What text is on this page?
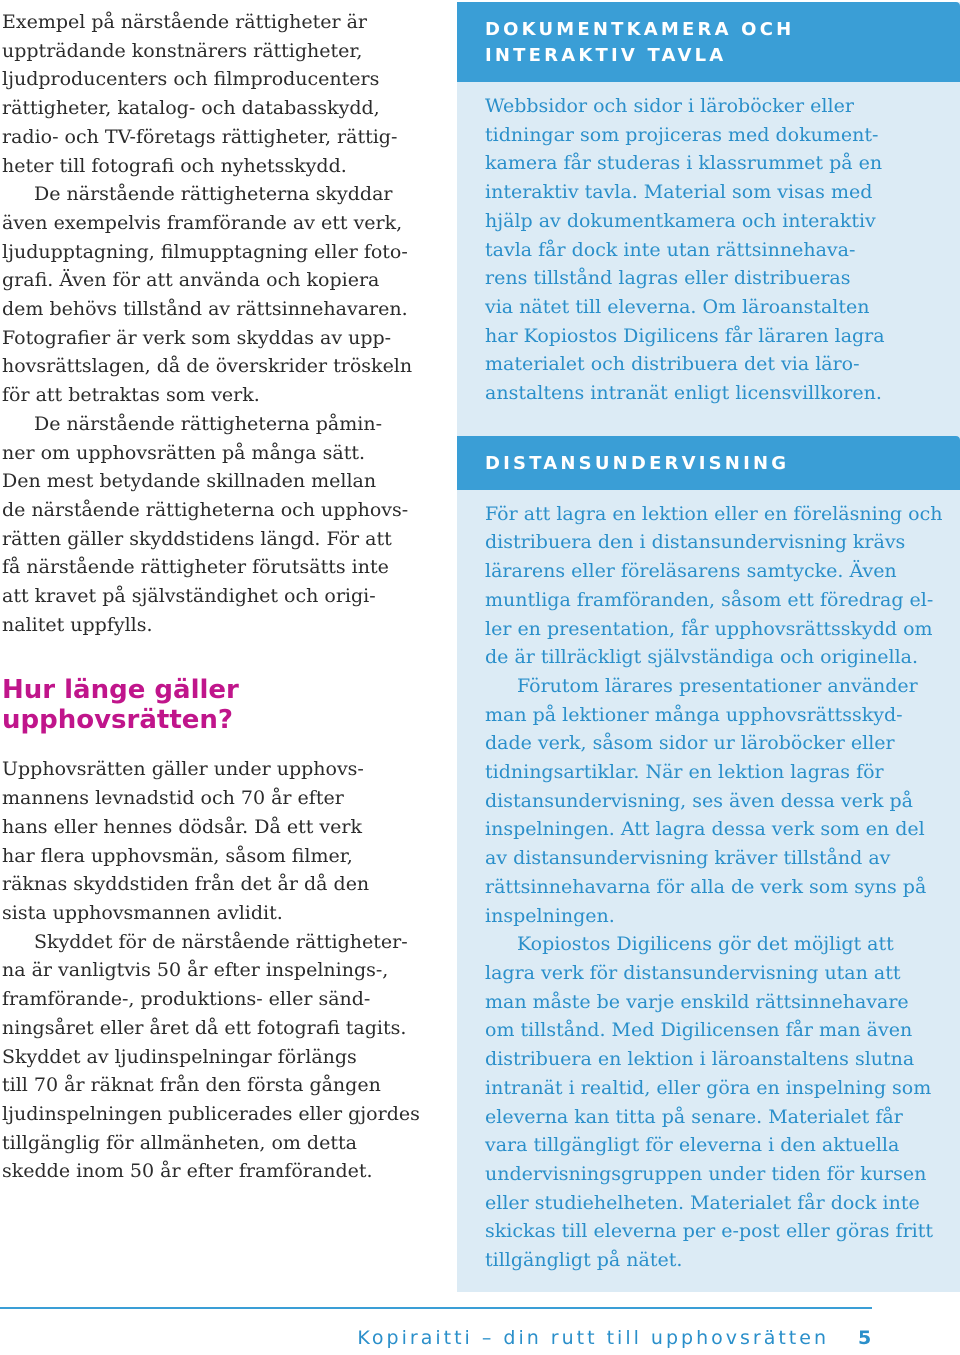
Exempel på närstående rättigheter är
uppträdande konstnärers rättigheter,
ljudproducenters och filmproducenters
rättigheter, katalog- och databasskydd,
radio- och TV-företags rättigheter, rättig-
heter till fotografi och nyhetsskydd.
De närstående rättigheterna skyddar
även exempelvis framförande av ett verk,
ljudupptagning, filmupptagning eller foto-
grafi. Även för att använda och kopiera
dem behövs tillstånd av rättsinnehavaren.
Fotografier är verk som skyddas av upp-
hovsrättslagen, då de överskrider tröskeln
för att betraktas som verk.
De närstående rättigheterna påmin-
ner om upphovsrätten på många sätt.
Den mest betydande skillnaden mellan
de närstående rättigheterna och upphovs-
rätten gäller skyddstidens längd. För att
få närstående rättigheter förutsätts inte
att kravet på självständighet och origi-
nalitet uppfylls.
Hur länge gäller
upphovsrätten?
Upphovsrätten gäller under upphovs-
mannens levnadstid och 70 år efter
hans eller hennes dödsår. Då ett verk
har flera upphovsmän, såsom filmer,
räknas skyddstiden från det år då den
sista upphovsmannen avlidit.
Skyddet för de närstående rättigheter-
na är vanligtvis 50 år efter inspelnings-,
framförande-, produktions- eller sänd-
ningsåret eller året då ett fotografi tagits.
Skyddet av ljudinspelningar förlängs
till 70 år räknat från den första gången
ljudinspelningen publicerades eller gjordes
tillgänglig för allmänheten, om detta
skedde inom 50 år efter framförandet.
DOKUMENTKAMERA OCH
INTERAKTIV TAVLA
Webbsidor och sidor i läroböcker eller
tidningar som projiceras med dokument-
kamera får studeras i klassrummet på en
interaktiv tavla. Material som visas med
hjälp av dokumentkamera och interaktiv
tavla får dock inte utan rättsinnehava-
rens tillstånd lagras eller distribueras
via nätet till eleverna. Om läroanstalten
har Kopiostos Digilicens får läraren lagra
materialet och distribuera det via läro-
anstaltens intranät enligt licensvillkoren.
DISTANSUNDERVISNING
För att lagra en lektion eller en föreläsning och
distribuera den i distansundervisning krävs
lärarens eller föreläsarens samtycke. Även
muntliga framföranden, såsom ett föredrag el-
ler en presentation, får upphovsrättsskydd om
de är tillräckligt självständiga och originella.
Förutom lärares presentationer använder
man på lektioner många upphovsrättsskyd-
dade verk, såsom sidor ur läroböcker eller
tidningsartiklar. När en lektion lagras för
distansundervisning, ses även dessa verk på
inspelningen. Att lagra dessa verk som en del
av distansundervisning kräver tillstånd av
rättsinnehavarna för alla de verk som syns på
inspelningen.
Kopiostos Digilicens gör det möjligt att
lagra verk för distansundervisning utan att
man måste be varje enskild rättsinnehavare
om tillstånd. Med Digilicensen får man även
distribuera en lektion i läroanstaltens slutna
intranät i realtid, eller göra en inspelning som
eleverna kan titta på senare. Materialet får
vara tillgängligt för eleverna i den aktuella
undervisningsgruppen under tiden för kursen
eller studiehelheten. Materialet får dock inte
skickas till eleverna per e-post eller göras fritt
tillgängligt på nätet.
Kopiraitti – din rutt till upphovsrätten 5
